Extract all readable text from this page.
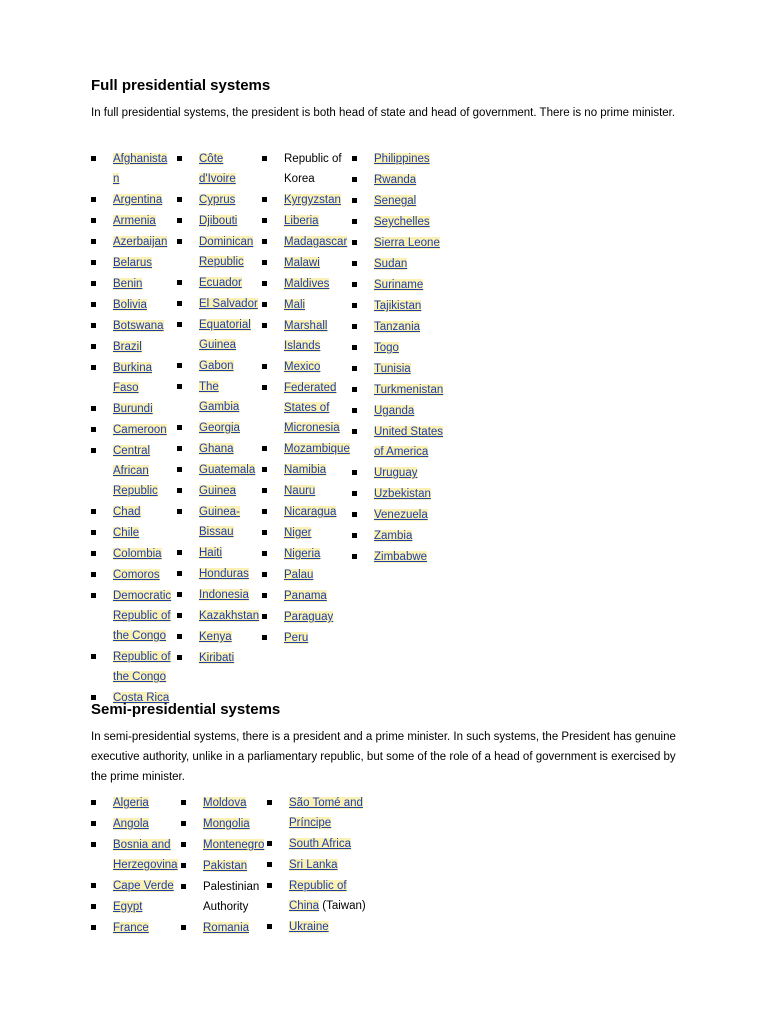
Full presidential systems

In full presidential systems, the president is both head of state and head of government. There is no prime minister.

Afghanista
n
Argentina
Armenia
Azerbaijan
Belarus
Benin
Bolivia
Botswana
Brazil
Burkina
Faso
Burundi
Cameroon
Central
African
Republic
Chad
Chile
Colombia
Comoros
Democratic
Republic of
the Congo
Republic of
the Congo
Costa Rica
Côte
d'Ivoire
Cyprus
Djibouti
Dominican
Republic
Ecuador
El Salvador
Equatorial
Guinea
Gabon
The
Gambia
Georgia
Ghana
Guatemala
Guinea
Guinea-
Bissau
Haiti
Honduras
Indonesia
Kazakhstan
Kenya
Kiribati
Republic of
Korea
Kyrgyzstan
Liberia
Madagascar
Malawi
Maldives
Mali
Marshall
Islands
Mexico
Federated
States of
Micronesia
Mozambique
Namibia
Nauru
Nicaragua
Niger
Nigeria
Palau
Panama
Paraguay
Peru
Philippines
Rwanda
Senegal
Seychelles
Sierra Leone
Sudan
Suriname
Tajikistan
Tanzania
Togo
Tunisia
Turkmenistan
Uganda
United States
of America
Uruguay
Uzbekistan
Venezuela
Zambia
Zimbabwe
Semi-presidential systems

In semi-presidential systems, there is a president and a prime minister. In such systems, the President has genuine executive authority, unlike in a parliamentary republic, but some of the role of a head of government is exercised by the prime minister.

Algeria
Angola
Bosnia and
Herzegovina
Cape Verde
Egypt
France
Moldova
Mongolia
Montenegro
Pakistan
Palestinian
Authority
Romania
São Tomé and
Príncipe
South Africa
Sri Lanka
Republic of
China (Taiwan)
Ukraine
